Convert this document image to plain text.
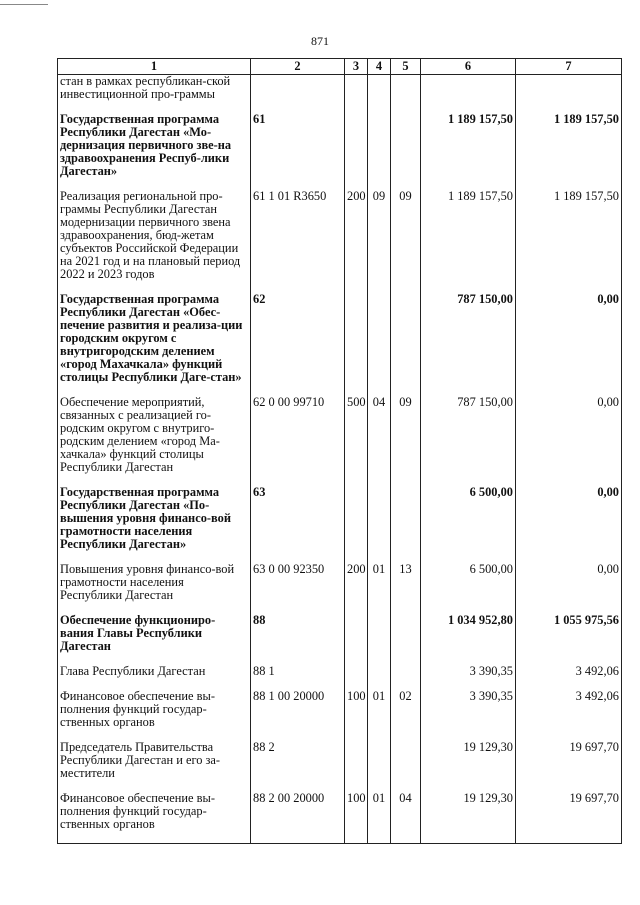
871
1	2	3	4	5	6	7
стан в рамках республикан-ской инвестиционной про-граммы						
Государственная программа Республики Дагестан «Мо-дернизация первичного зве-на здравоохранения Респуб-лики Дагестан»	61				1 189 157,50	1 189 157,50
Реализация региональной про-граммы Республики Дагестан модернизации первичного звена здравоохранения, бюд-жетам субъектов Российской Федерации на 2021 год и на плановый период 2022 и 2023 годов	61 1 01 R3650	200	09	09	1 189 157,50	1 189 157,50
Государственная программа Республики Дагестан «Обес-печение развития и реализа-ции городским округом с внутригородским делением «город Махачкала» функций столицы Республики Даге-стан»	62				787 150,00	0,00
Обеспечение мероприятий, связанных с реализацией го-родским округом с внутриго-родским делением «город Ма-хачкала» функций столицы Республики Дагестан	62 0 00 99710	500	04	09	787 150,00	0,00
Государственная программа Республики Дагестан «По-вышения уровня финансо-вой грамотности населения Республики Дагестан»	63				6 500,00	0,00
Повышения уровня финансо-вой грамотности населения Республики Дагестан	63 0 00 92350	200	01	13	6 500,00	0,00
Обеспечение функциониро-вания Главы Республики Дагестан	88				1 034 952,80	1 055 975,56
Глава Республики Дагестан	88 1				3 390,35	3 492,06
Финансовое обеспечение вы-полнения функций государ-ственных органов	88 1 00 20000	100	01	02	3 390,35	3 492,06
Председатель Правительства Республики Дагестан и его за-местители	88 2				19 129,30	19 697,70
Финансовое обеспечение вы-полнения функций государ-ственных органов	88 2 00 20000	100	01	04	19 129,30	19 697,70
